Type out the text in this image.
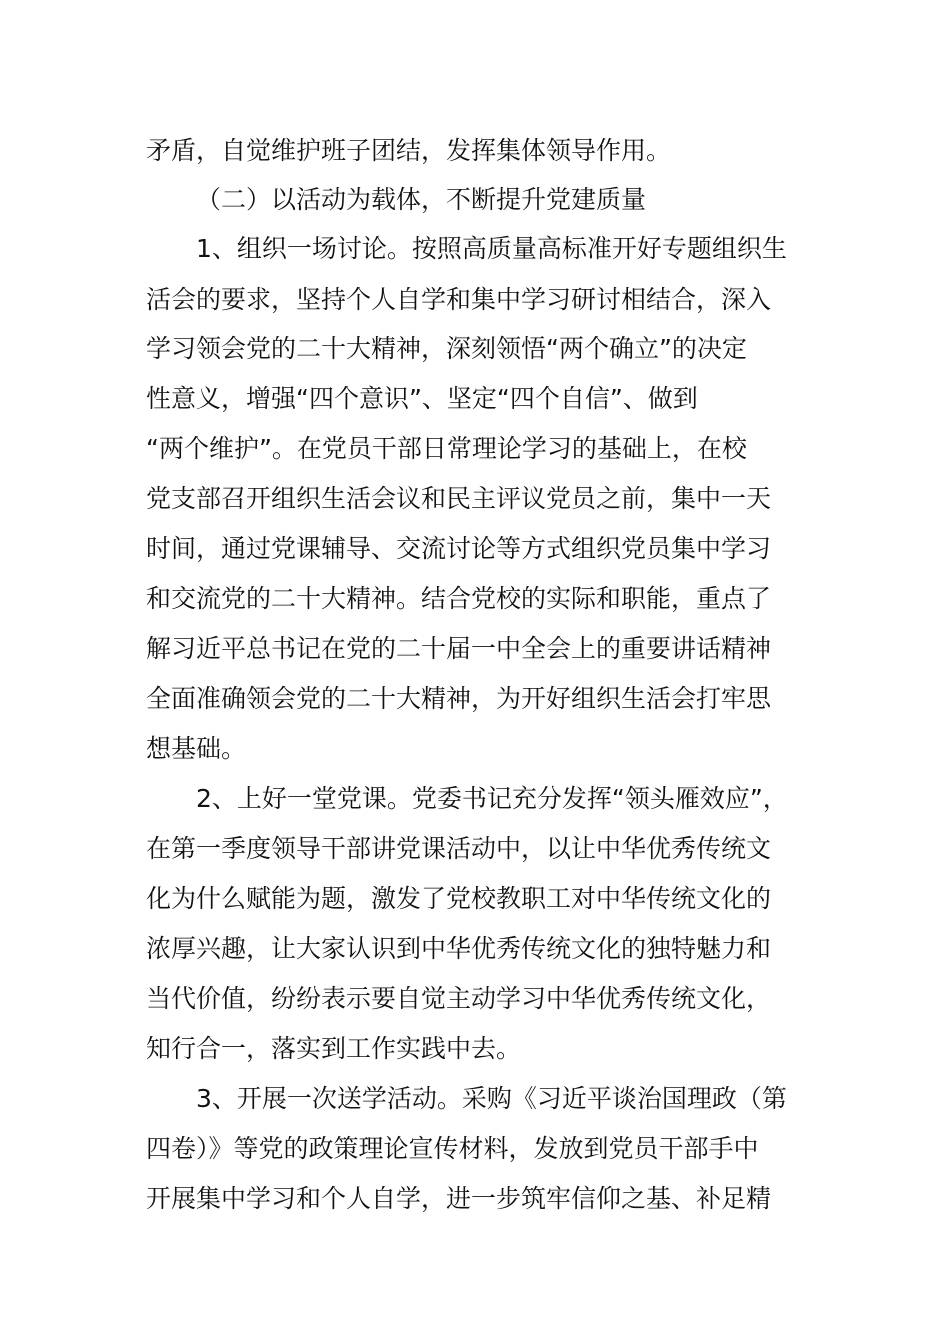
矛盾，自觉维护班子团结，发挥集体领导作用。
（二）以活动为载体，不断提升党建质量
1、组织一场讨论。按照高质量高标准开好专题组织生
活会的要求，坚持个人自学和集中学习研讨相结合，深入
学习领会党的二十大精神，深刻领悟“两个确立”的决定
性意义，增强“四个意识”、坚定“四个自信”、做到
“两个维护”。在党员干部日常理论学习的基础上，在校
党支部召开组织生活会议和民主评议党员之前，集中一天
时间，通过党课辅导、交流讨论等方式组织党员集中学习
和交流党的二十大精神。结合党校的实际和职能，重点了
解习近平总书记在党的二十届一中全会上的重要讲话精神
全面准确领会党的二十大精神，为开好组织生活会打牢思
想基础。
2、上好一堂党课。党委书记充分发挥“领头雁效应”，
在第一季度领导干部讲党课活动中，以让中华优秀传统文
化为什么赋能为题，激发了党校教职工对中华传统文化的
浓厚兴趣，让大家认识到中华优秀传统文化的独特魅力和
当代价值，纷纷表示要自觉主动学习中华优秀传统文化，
知行合一，落实到工作实践中去。
3、开展一次送学活动。采购《习近平谈治国理政（第
四卷）》等党的政策理论宣传材料，发放到党员干部手中
开展集中学习和个人自学，进一步筑牢信仰之基、补足精
